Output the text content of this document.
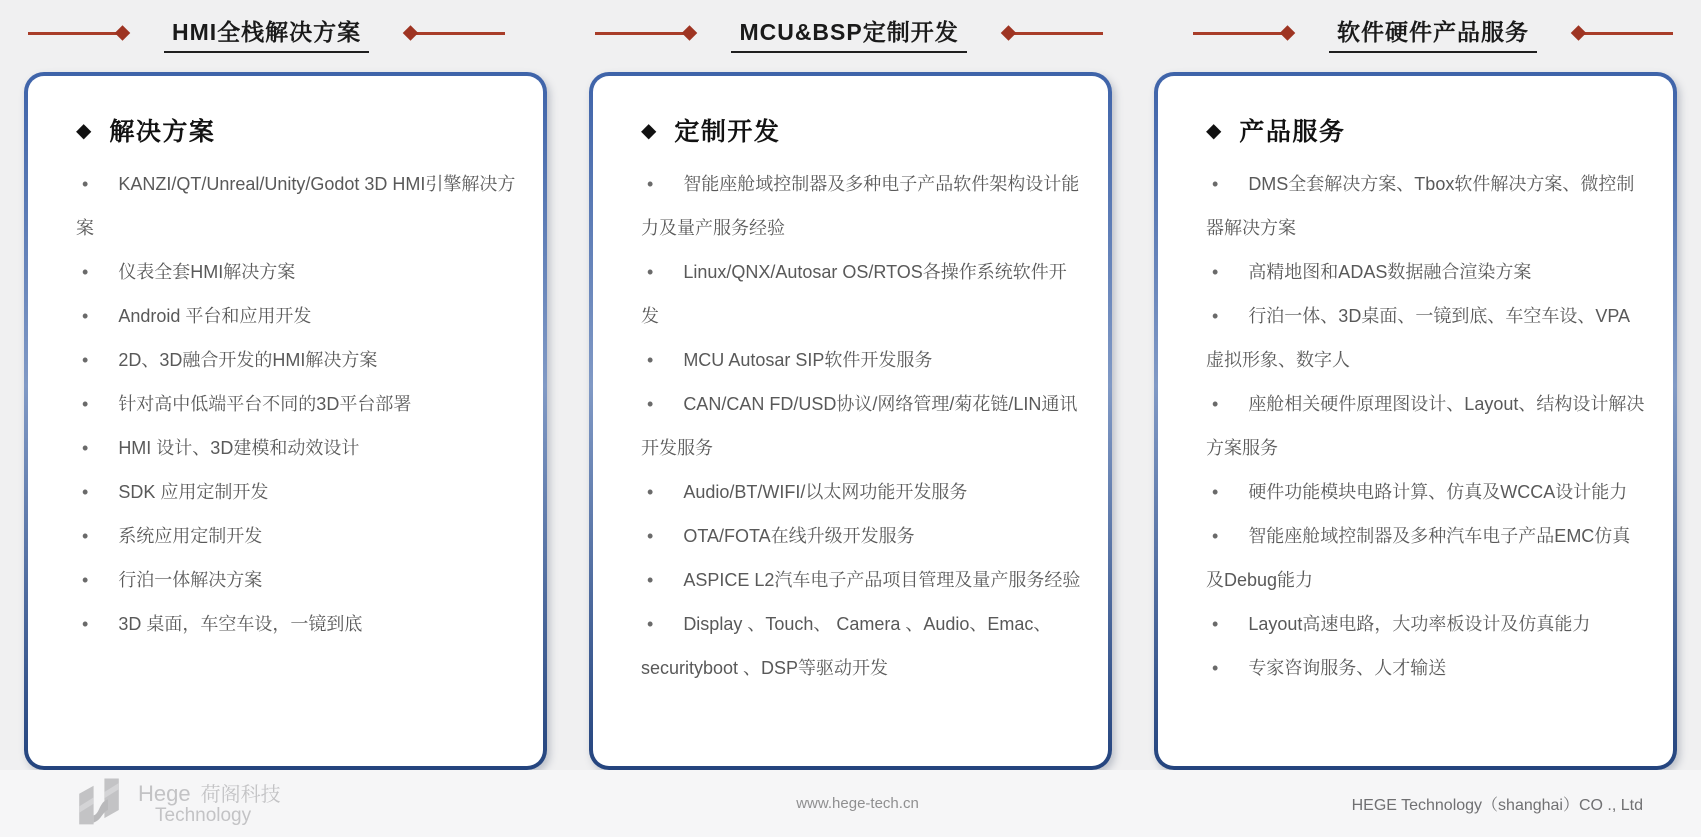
HMI全栈解决方案	MCU&BSP定制开发	软件硬件产品服务
◆ 解决方案
• KANZI/QT/Unreal/Unity/Godot 3D HMI引擎解决方案
• 仪表全套HMI解决方案
• Android 平台和应用开发
• 2D、3D融合开发的HMI解决方案
• 针对高中低端平台不同的3D平台部署
• HMI 设计、3D建模和动效设计
• SDK 应用定制开发
• 系统应用定制开发
• 行泊一体解决方案
• 3D 桌面，车空车设，一镜到底
◆ 定制开发
• 智能座舱域控制器及多种电子产品软件架构设计能力及量产服务经验
• Linux/QNX/Autosar OS/RTOS各操作系统软件开发
• MCU Autosar SIP软件开发服务
• CAN/CAN FD/USD协议/网络管理/菊花链/LIN通讯开发服务
• Audio/BT/WIFI/以太网功能开发服务
• OTA/FOTA在线升级开发服务
• ASPICE L2汽车电子产品项目管理及量产服务经验
• Display 、Touch、 Camera 、Audio、Emac、securityboot 、DSP等驱动开发
◆ 产品服务
• DMS全套解决方案、Tbox软件解决方案、微控制器解决方案
• 高精地图和ADAS数据融合渲染方案
• 行泊一体、3D桌面、一镜到底、车空车设、VPA虚拟形象、数字人
• 座舱相关硬件原理图设计、Layout、结构设计解决方案服务
• 硬件功能模块电路计算、仿真及WCCA设计能力
• 智能座舱域控制器及多种汽车电子产品EMC仿真及Debug能力
• Layout高速电路，大功率板设计及仿真能力
• 专家咨询服务、人才输送
Hege 荷阁科技
Technology
www.hege-tech.cn	HEGE Technology（shanghai）CO ., Ltd
